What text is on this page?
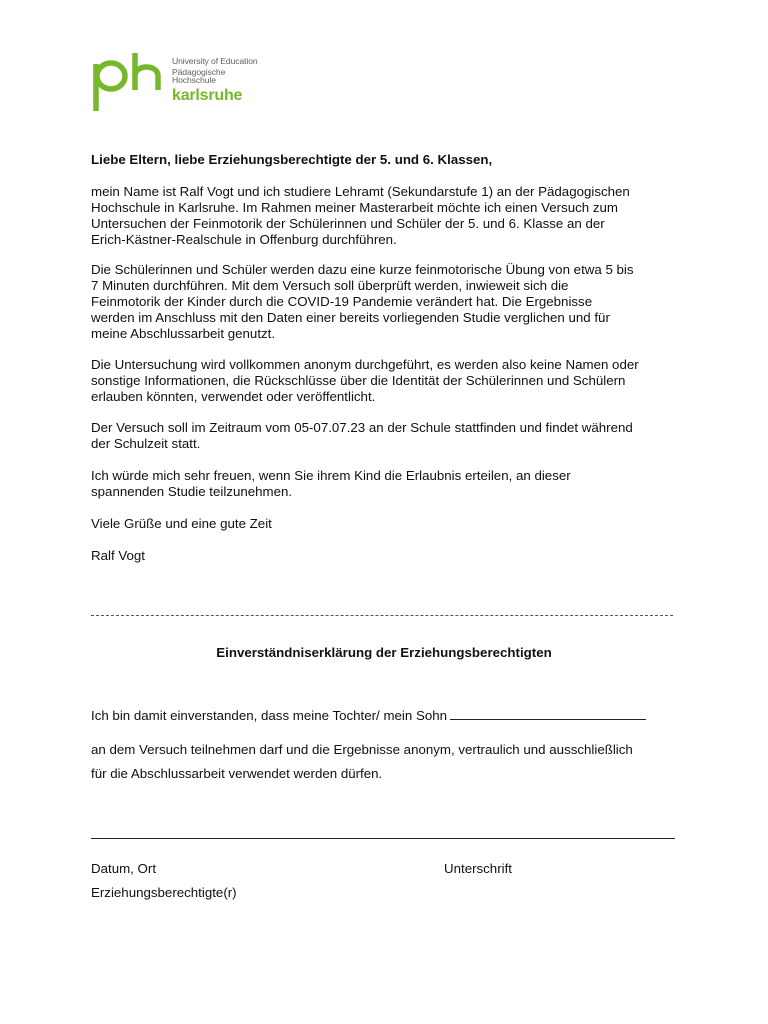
University of Education
Pädagogische Hochschule
karlsruhe

Liebe Eltern, liebe Erziehungsberechtigte der 5. und 6. Klassen,

mein Name ist Ralf Vogt und ich studiere Lehramt (Sekundarstufe 1) an der Pädagogischen

Hochschule in Karlsruhe. Im Rahmen meiner Masterarbeit möchte ich einen Versuch zum

Untersuchen der Feinmotorik der Schülerinnen und Schüler der 5. und 6. Klasse an der

Erich-Kästner-Realschule in Offenburg durchführen.

Die Schülerinnen und Schüler werden dazu eine kurze feinmotorische Übung von etwa 5 bis

7 Minuten durchführen. Mit dem Versuch soll überprüft werden, inwieweit sich die

Feinmotorik der Kinder durch die COVID-19 Pandemie verändert hat. Die Ergebnisse

werden im Anschluss mit den Daten einer bereits vorliegenden Studie verglichen und für

meine Abschlussarbeit genutzt.

Die Untersuchung wird vollkommen anonym durchgeführt, es werden also keine Namen oder

sonstige Informationen, die Rückschlüsse über die Identität der Schülerinnen und Schülern

erlauben könnten, verwendet oder veröffentlicht.

Der Versuch soll im Zeitraum vom 05-07.07.23 an der Schule stattfinden und findet während

der Schulzeit statt.

Ich würde mich sehr freuen, wenn Sie ihrem Kind die Erlaubnis erteilen, an dieser

spannenden Studie teilzunehmen.

Viele Grüße und eine gute Zeit

Ralf Vogt

Einverständniserklärung der Erziehungsberechtigten

Ich bin damit einverstanden, dass meine Tochter/ mein Sohn

an dem Versuch teilnehmen darf und die Ergebnisse anonym, vertraulich und ausschließlich

für die Abschlussarbeit verwendet werden dürfen.

Datum, Ort	Unterschrift

Erziehungsberechtigte(r)
